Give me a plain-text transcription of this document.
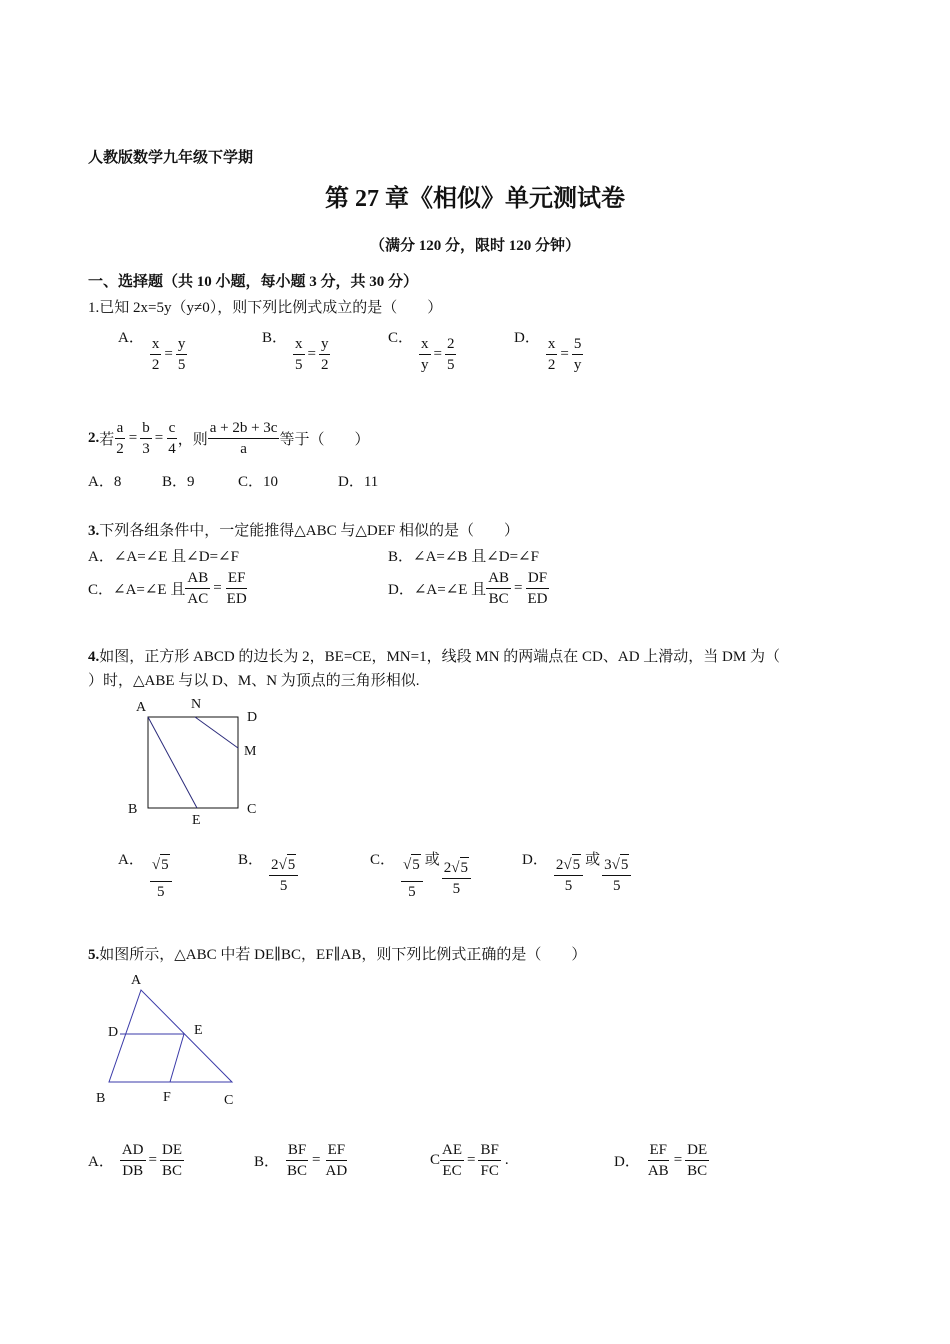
人教版数学九年级下学期
第 27 章《相似》单元测试卷
（满分 120 分，限时 120 分钟）
一、选择题（共 10 小题，每小题 3 分，共 30 分）
1.已知 2x=5y（y≠0），则下列比例式成立的是（　　）
A． $\frac{x}{2} = \frac{y}{5}$	B． $\frac{x}{5} = \frac{y}{2}$	C． $\frac{x}{y} = \frac{2}{5}$	D． $\frac{x}{2} = \frac{5}{y}$
2. 若 $\frac{a}{2} = \frac{b}{3} = \frac{c}{4}$ ，则 $\frac{a + 2b + 3c}{a}$ 等于（　　）
A．8	B．9	C．10	D．11
3.下列各组条件中，一定能推得△ABC 与△DEF 相似的是（　　）
A．∠A=∠E 且∠D=∠F	B．∠A=∠B 且∠D=∠F
C．∠A=∠E 且 $\frac{AB}{AC} = \frac{EF}{ED}$	D．∠A=∠E 且 $\frac{AB}{BC} = \frac{DF}{ED}$
4.如图，正方形 ABCD 的边长为 2，BE=CE，MN=1，线段 MN 的两端点在 CD、AD 上滑动，当 DM 为（
）时，△ABE 与以 D、M、N 为顶点的三角形相似.
A	N
D
M
B
E
C
A． $\frac{√ 5}{5}$	B． $\frac{2 √ 5}{5}$	C． $\frac{√ 5}{5}$ 或 $\frac{2 √ 5}{5}$	D． $\frac{2 √ 5}{5}$ 或 $\frac{3 √ 5}{5}$
5.如图所示，△ABC 中若 DE∥BC，EF∥AB，则下列比例式正确的是（　　）
A
D	E
B	F	C
A． $\frac{AD}{DB} = \frac{DE}{BC}$	B． $\frac{BF}{BC} = \frac{EF}{AD}$	C $\frac{AE}{EC} = \frac{BF}{FC}$ .	D． $\frac{EF}{AB} = \frac{DE}{BC}$
